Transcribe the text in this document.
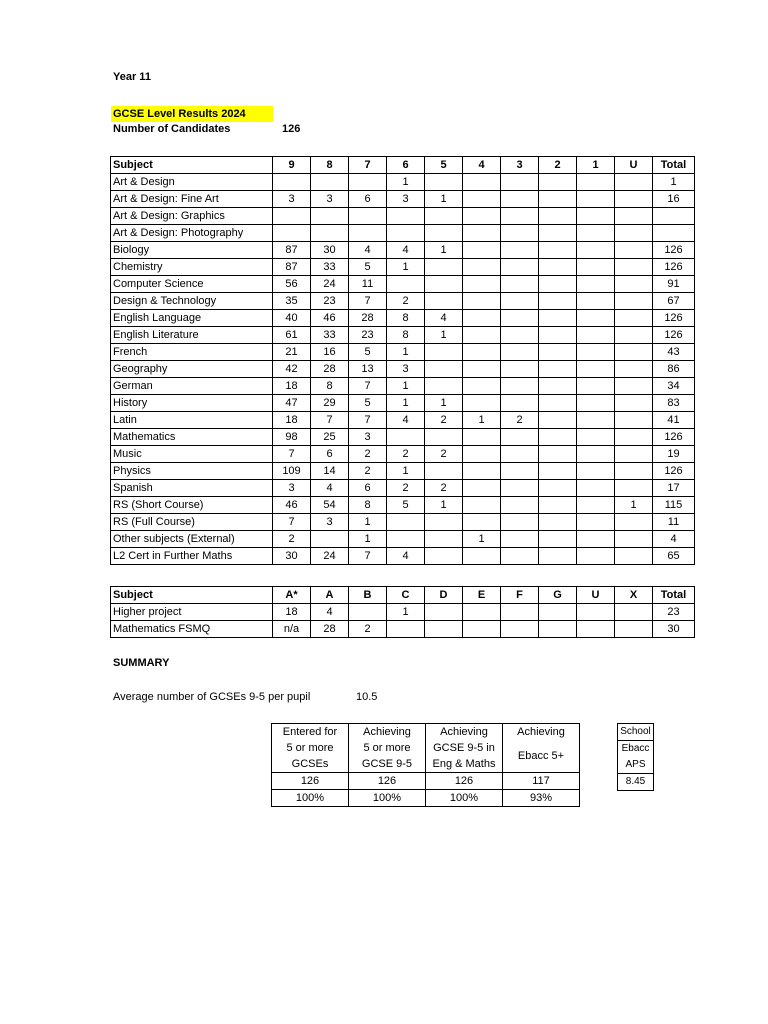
Year 11
GCSE Level Results 2024
Number of Candidates	126
Subject	9	8	7	6	5	4	3	2	1	U	Total
Art & Design				1							1
Art & Design: Fine Art	3	3	6	3	1						16
Art & Design: Graphics											
Art & Design: Photography											
Biology	87	30	4	4	1						126
Chemistry	87	33	5	1							126
Computer Science	56	24	11								91
Design & Technology	35	23	7	2							67
English Language	40	46	28	8	4						126
English Literature	61	33	23	8	1						126
French	21	16	5	1							43
Geography	42	28	13	3							86
German	18	8	7	1							34
History	47	29	5	1	1						83
Latin	18	7	7	4	2	1	2				41
Mathematics	98	25	3								126
Music	7	6	2	2	2						19
Physics	109	14	2	1							126
Spanish	3	4	6	2	2						17
RS (Short Course)	46	54	8	5	1					1	115
RS (Full Course)	7	3	1								11
Other subjects (External)	2		1			1					4
L2 Cert in Further Maths	30	24	7	4							65
Subject	A*	A	B	C	D	E	F	G	U	X	Total
Higher project	18	4		1							23
Mathematics FSMQ	n/a	28	2								30
SUMMARY
Average number of GCSEs 9-5 per pupil	10.5
Entered for	Achieving	Achieving	Achieving
5 or more	5 or more	GCSE 9-5 in	Ebacc 5+
GCSEs	GCSE 9-5	Eng & Maths	
126	126	126	117
100%	100%	100%	93%
School
Ebacc
APS
8.45
